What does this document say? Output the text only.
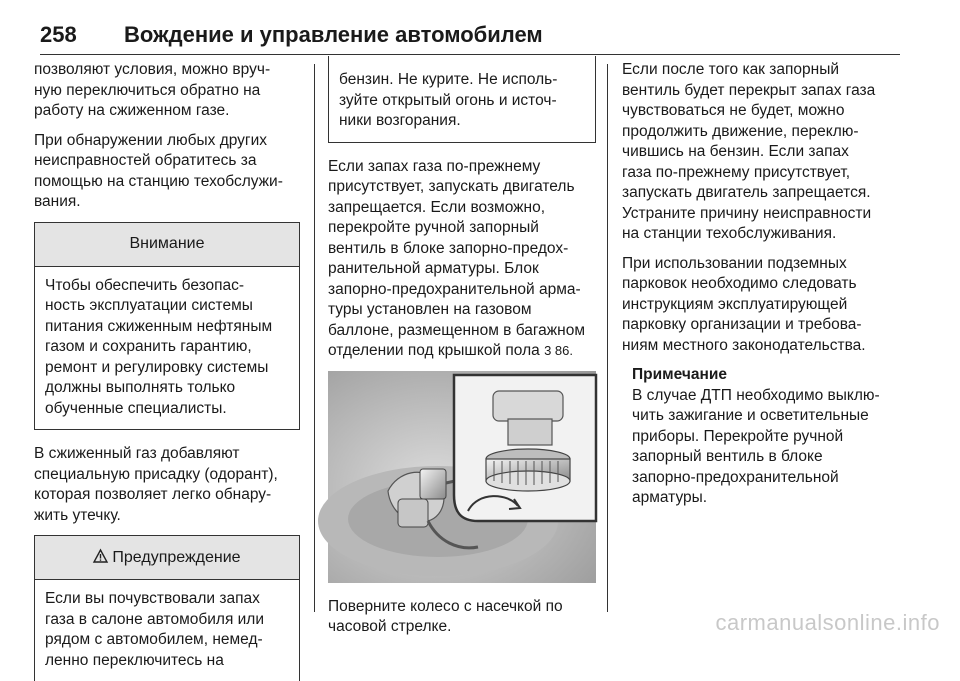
258 Вождение и управление автомобилем

позволяют условия, можно вруч-
ную переключиться обратно на
работу на сжиженном газе.

При обнаружении любых других
неисправностей обратитесь за
помощью на станцию техобслужи-
вания.

Внимание
Чтобы обеспечить безопас-
ность эксплуатации системы
питания сжиженным нефтяным
газом и сохранить гарантию,
ремонт и регулировку системы
должны выполнять только
обученные специалисты.

В сжиженный газ добавляют
специальную присадку (одорант),
которая позволяет легко обнару-
жить утечку.

Предупреждение
Если вы почувствовали запах
газа в салоне автомобиля или
рядом с автомобилем, немед-
ленно переключитесь на
бензин. Не курите. Не исполь-
зуйте открытый огонь и источ-
ники возгорания.

Если запах газа по-прежнему
присутствует, запускать двигатель
запрещается. Если возможно,
перекройте ручной запорный
вентиль в блоке запорно-предох-
ранительной арматуры. Блок
запорно-предохранительной арма-
туры установлен на газовом
баллоне, размещенном в багажном
отделении под крышкой пола 3 86.

Поверните колесо с насечкой по
часовой стрелке.

Если после того как запорный
вентиль будет перекрыт запах газа
чувствоваться не будет, можно
продолжить движение, переклю-
чившись на бензин. Если запах
газа по-прежнему присутствует,
запускать двигатель запрещается.
Устраните причину неисправности
на станции техобслуживания.

При использовании подземных
парковок необходимо следовать
инструкциям эксплуатирующей
парковку организации и требова-
ниям местного законодательства.

Примечание
В случае ДТП необходимо выклю-
чить зажигание и осветительные
приборы. Перекройте ручной
запорный вентиль в блоке
запорно-предохранительной
арматуры.
carmanualsonline.info
